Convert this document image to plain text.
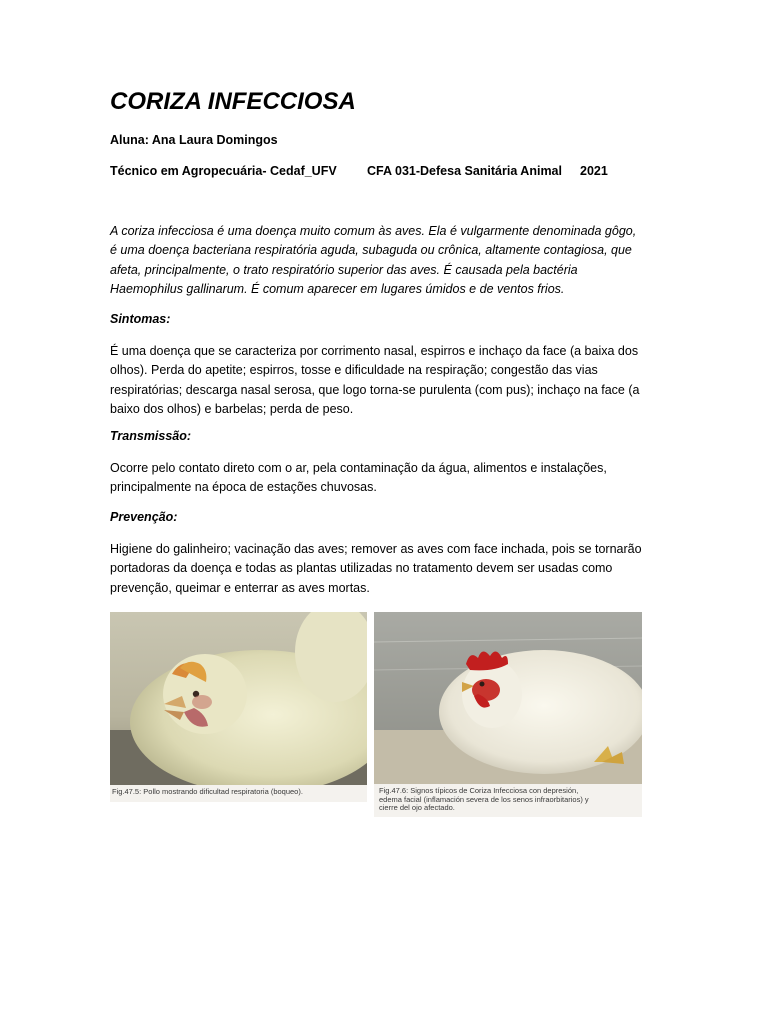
CORIZA INFECCIOSA
Aluna: Ana Laura Domingos
Técnico em Agropecuária- Cedaf_UFV CFA 031-Defesa Sanitária Animal 2021

A coriza infecciosa é uma doença muito comum às aves. Ela é vulgarmente denominada gôgo,
é uma doença bacteriana respiratória aguda, subaguda ou crônica, altamente contagiosa, que
afeta, principalmente, o trato respiratório superior das aves. É causada pela bactéria
Haemophilus gallinarum. É comum aparecer em lugares úmidos e de ventos frios.

Sintomas:

É uma doença que se caracteriza por corrimento nasal, espirros e inchaço da face (a baixa dos
olhos). Perda do apetite; espirros, tosse e dificuldade na respiração; congestão das vias
respiratórias; descarga nasal serosa, que logo torna-se purulenta (com pus); inchaço na face (a
baixo dos olhos) e barbelas; perda de peso.

Transmissão:

Ocorre pelo contato direto com o ar, pela contaminação da água, alimentos e instalações,
principalmente na época de estações chuvosas.

Prevenção:

Higiene do galinheiro; vacinação das aves; remover as aves com face inchada, pois se tornarão
portadoras da doença e todas as plantas utilizadas no tratamento devem ser usadas como
prevenção, queimar e enterrar as aves mortas.

Fig.47.5: Pollo mostrando dificultad respiratoria (boqueo).	Fig.47.6: Signos típicos de Coriza Infecciosa con depresión,
edema facial (inflamación severa de los senos infraorbitarios) y
cierre del ojo afectado.
